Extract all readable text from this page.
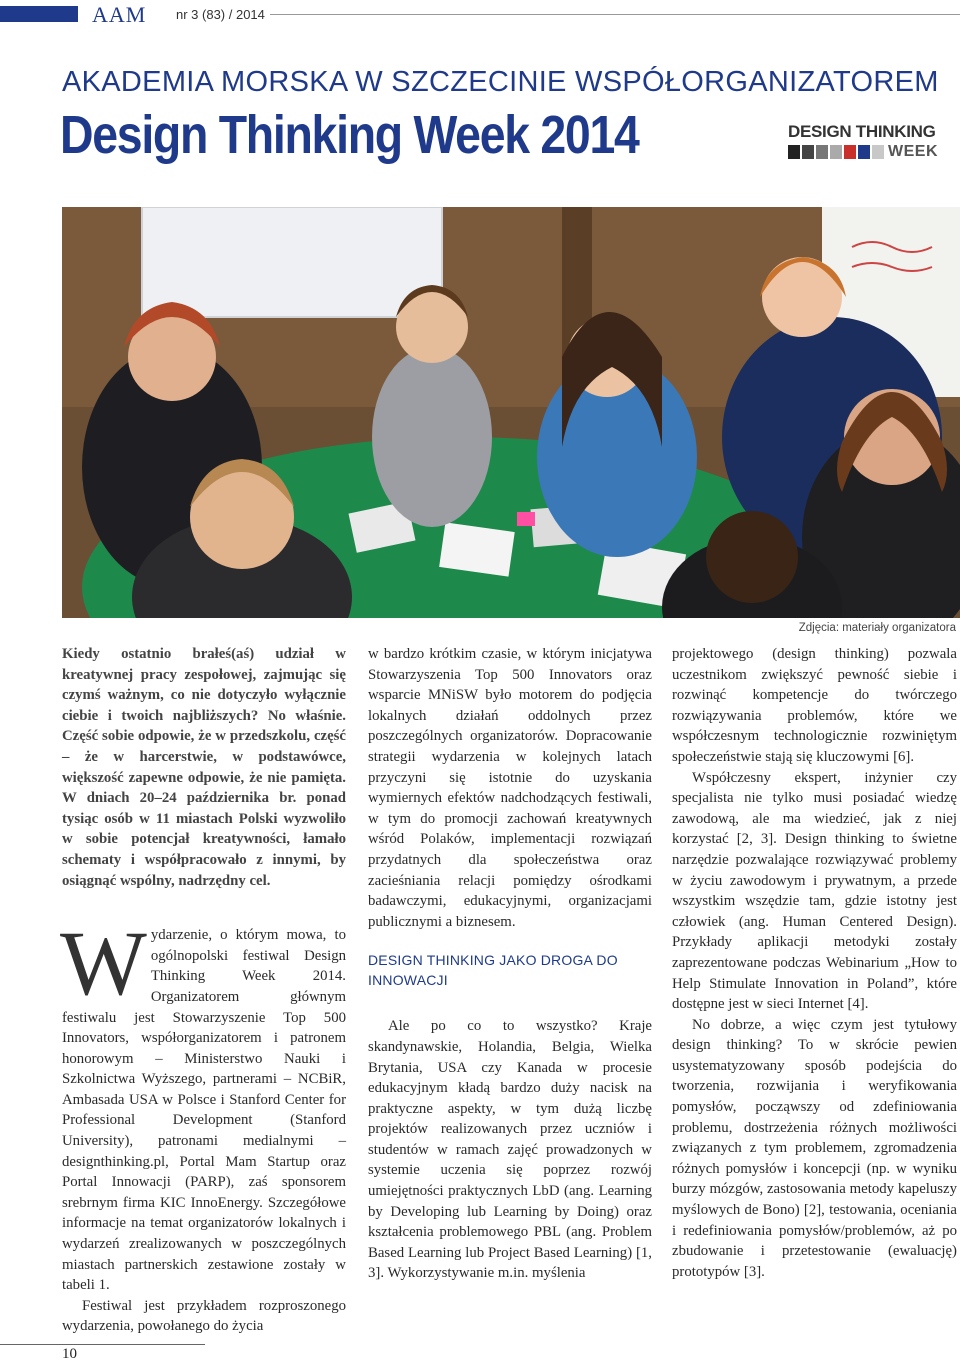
AAM nr 3 (83) / 2014
AKADEMIA MORSKA W SZCZECINIE WSPÓŁORGANIZATOREM
Design Thinking Week 2014	DESIGN THINKING
WEEK
Zdjęcia: materiały organizatora

Kiedy ostatnio brałeś(aś) udział w kreatywnej pracy zespołowej, zajmując się czymś ważnym, co nie dotyczyło wyłącznie ciebie i twoich najbliższych? No właśnie. Część sobie odpowie, że w przedszkolu, część – że w harcerstwie, w podstawówce, większość zapewne odpowie, że nie pamięta. W dniach 20–24 października br. ponad tysiąc osób w 11 miastach Polski wyzwoliło w sobie potencjał kreatywności, łamało schematy i współpracowało z innymi, by osiągnąć wspólny, nadrzędny cel.

Wydarzenie, o którym mowa, to ogólnopolski festiwal Design Thinking Week 2014. Organizatorem głównym festiwalu jest Stowarzyszenie Top 500 Innovators, współorganizatorem i patronem honorowym – Ministerstwo Nauki i Szkolnictwa Wyższego, partnerami – NCBiR, Ambasada USA w Polsce i Stanford Center for Professional Development (Stanford University), patronami medialnymi – designthinking.pl, Portal Mam Startup oraz Portal Innowacji (PARP), zaś sponsorem srebrnym firma KIC InnoEnergy. Szczegółowe informacje na temat organizatorów lokalnych i wydarzeń zrealizowanych w poszczególnych miastach partnerskich zestawione zostały w tabeli 1.

Festiwal jest przykładem rozproszonego wydarzenia, powołanego do życia

w bardzo krótkim czasie, w którym inicjatywa Stowarzyszenia Top 500 Innovators oraz wsparcie MNiSW było motorem do podjęcia lokalnych działań oddolnych przez poszczególnych organizatorów. Dopracowanie strategii wydarzenia w kolejnych latach przyczyni się istotnie do uzyskania wymiernych efektów nadchodzących festiwali, w tym do promocji zachowań kreatywnych wśród Polaków, implementacji rozwiązań przydatnych dla społeczeństwa oraz zacieśniania relacji pomiędzy ośrodkami badawczymi, edukacyjnymi, organizacjami publicznymi a biznesem.

DESIGN THINKING JAKO DROGA DO INNOWACJI

Ale po co to wszystko? Kraje skandynawskie, Holandia, Belgia, Wielka Brytania, USA czy Kanada w procesie edukacyjnym kładą bardzo duży nacisk na praktyczne aspekty, w tym dużą liczbę projektów realizowanych przez uczniów i studentów w ramach zajęć prowadzonych w systemie uczenia się poprzez rozwój umiejętności praktycznych LbD (ang. Learning by Developing lub Learning by Doing) oraz kształcenia problemowego PBL (ang. Problem Based Learning lub Project Based Learning) [1, 3]. Wykorzystywanie m.in. myślenia

projektowego (design thinking) pozwala uczestnikom zwiększyć pewność siebie i rozwinąć kompetencje do twórczego rozwiązywania problemów, które we współczesnym technologicznie rozwiniętym społeczeństwie stają się kluczowymi [6].

Współczesny ekspert, inżynier czy specjalista nie tylko musi posiadać wiedzę zawodową, ale ma wiedzieć, jak z niej korzystać [2, 3]. Design thinking to świetne narzędzie pozwalające rozwiązywać problemy w życiu zawodowym i prywatnym, a przede wszystkim wszędzie tam, gdzie istotny jest człowiek (ang. Human Centered Design). Przykłady aplikacji metodyki zostały zaprezentowane podczas Webinarium „How to Help Stimulate Innovation in Poland”, które dostępne jest w sieci Internet [4].

No dobrze, a więc czym jest tytułowy design thinking? To w skrócie pewien usystematyzowany sposób podejścia do tworzenia, rozwijania i weryfikowania pomysłów, począwszy od zdefiniowania problemu, dostrzeżenia różnych możliwości związanych z tym problemem, zgromadzenia różnych pomysłów i koncepcji (np. w wyniku burzy mózgów, zastosowania metody kapeluszy myślowych de Bono) [2], testowania, oceniania i redefiniowania pomysłów/problemów, aż po zbudowanie i przetestowanie (ewaluację) prototypów [3].

10
